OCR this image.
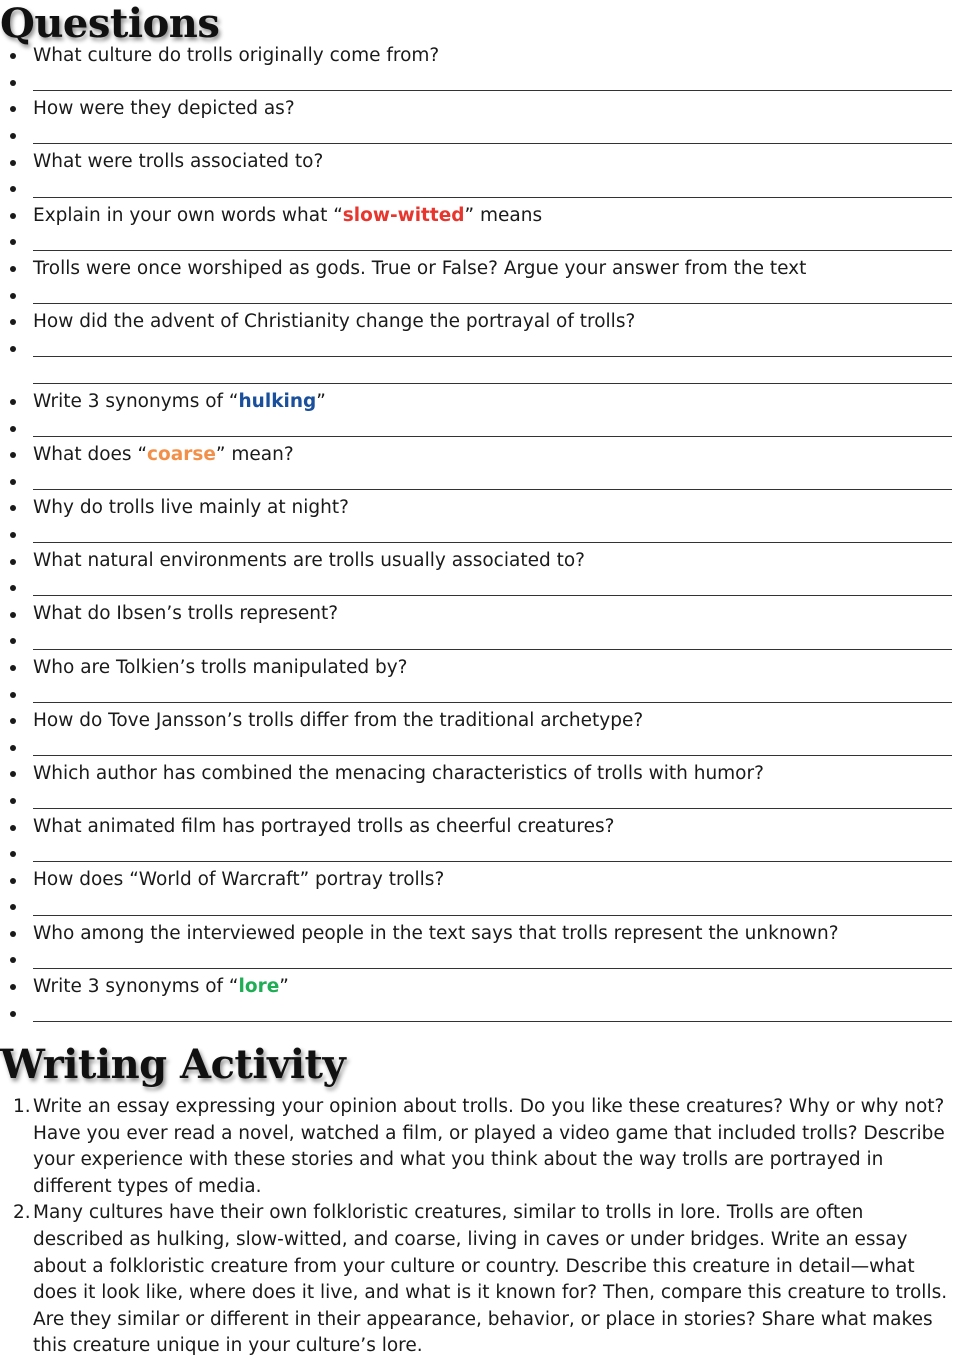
Questions
What culture do trolls originally come from?
How were they depicted as?
What were trolls associated to?
Explain in your own words what “slow-witted” means
Trolls were once worshiped as gods. True or False? Argue your answer from the text
How did the advent of Christianity change the portrayal of trolls?
Write 3 synonyms of “hulking”
What does “coarse” mean?
Why do trolls live mainly at night?
What natural environments are trolls usually associated to?
What do Ibsen’s trolls represent?
Who are Tolkien’s trolls manipulated by?
How do Tove Jansson’s trolls differ from the traditional archetype?
Which author has combined the menacing characteristics of trolls with humor?
What animated film has portrayed trolls as cheerful creatures?
How does “World of Warcraft” portray trolls?
Who among the interviewed people in the text says that trolls represent the unknown?
Write 3 synonyms of “lore”
Writing Activity
1. Write an essay expressing your opinion about trolls. Do you like these creatures? Why or why not? Have you ever read a novel, watched a film, or played a video game that included trolls? Describe your experience with these stories and what you think about the way trolls are portrayed in different types of media.
2. Many cultures have their own folkloristic creatures, similar to trolls in lore. Trolls are often described as hulking, slow-witted, and coarse, living in caves or under bridges. Write an essay about a folkloristic creature from your culture or country. Describe this creature in detail—what does it look like, where does it live, and what is it known for? Then, compare this creature to trolls. Are they similar or different in their appearance, behavior, or place in stories? Share what makes this creature unique in your culture’s lore.
